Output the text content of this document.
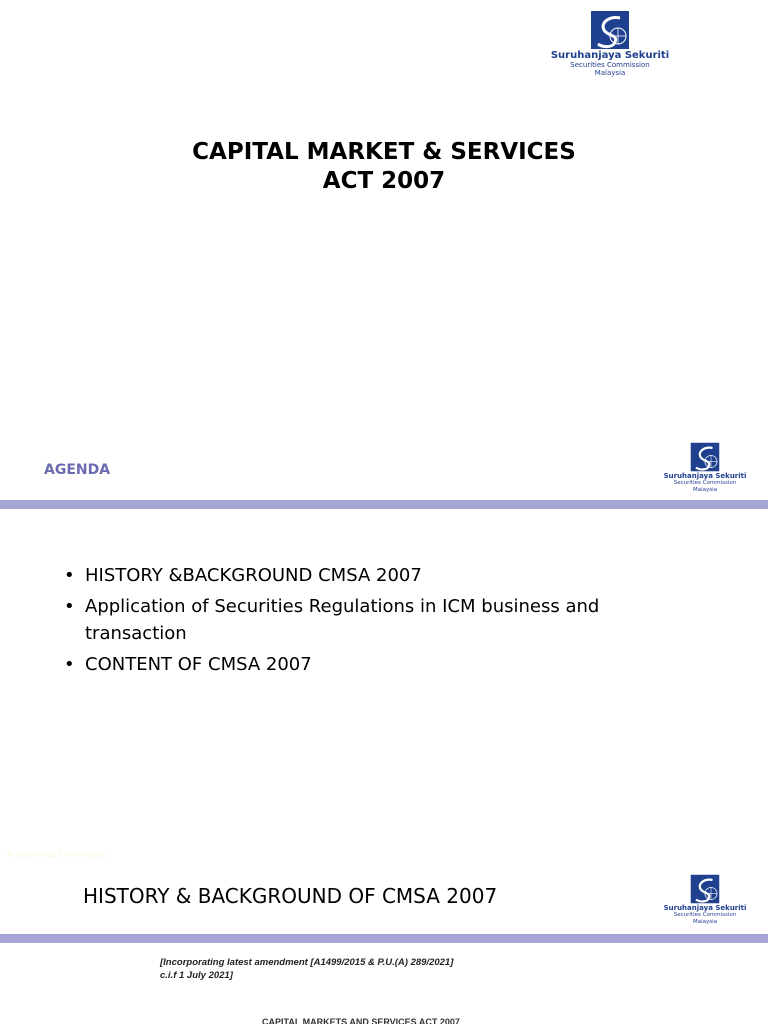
Suruhanjaya Sekuriti
Securities Commission
Malaysia
CAPITAL MARKET & SERVICES
ACT 2007
AGENDA	Suruhanjaya Sekuriti
Securities Commission
Malaysia
• HISTORY &BACKGROUND CMSA 2007
• Application of Securities Regulations in ICM business and transaction
• CONTENT OF CMSA 2007
© Securities Commission
HISTORY & BACKGROUND OF CMSA 2007	Suruhanjaya Sekuriti
Securities Commission
Malaysia
[Incorporating latest amendment [A1499/2015 & P.U.(A) 289/2021]
c.i.f 1 July 2021]
CAPITAL MARKETS AND SERVICES ACT 2007
